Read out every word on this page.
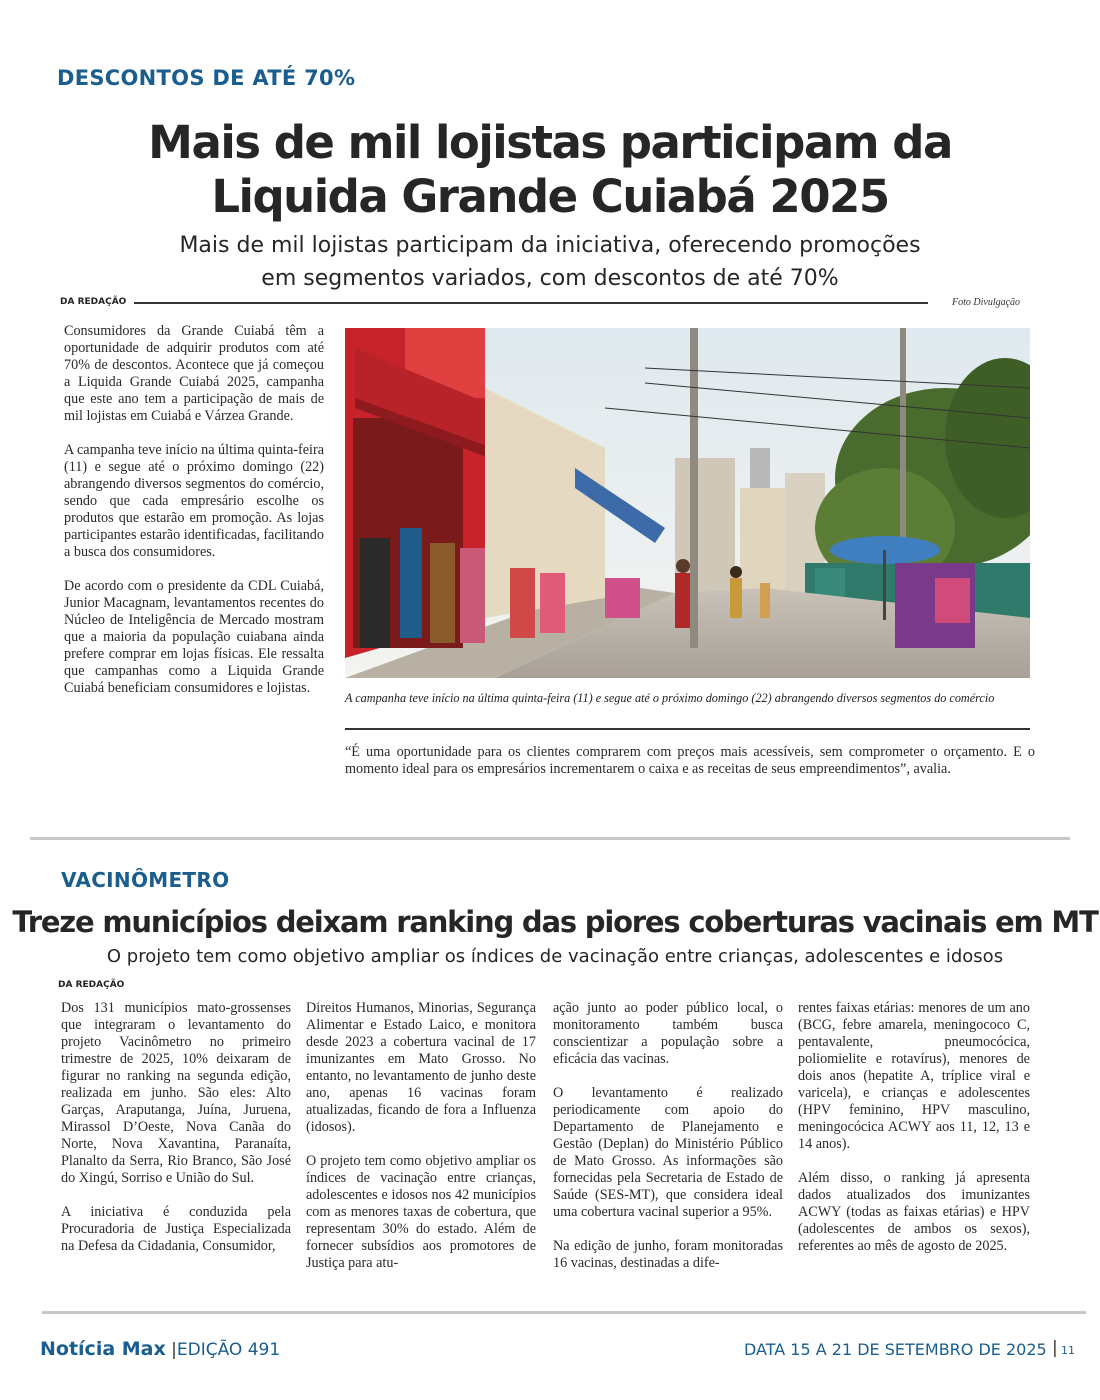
DESCONTOS DE ATÉ 70%
Mais de mil lojistas participam da
Liquida Grande Cuiabá 2025
Mais de mil lojistas participam da iniciativa, oferecendo promoções
em segmentos variados, com descontos de até 70%
DA REDAÇÃO	Foto Divulgação

Consumidores da Grande Cuiabá têm a oportunidade de adquirir produtos com até 70% de descontos. Acontece que já começou a Liquida Grande Cuiabá 2025, campanha que este ano tem a participação de mais de mil lojistas em Cuiabá e Várzea Grande.

A campanha teve início na última quinta-feira (11) e segue até o próximo domingo (22) abrangendo diversos segmentos do comércio, sendo que cada empresário escolhe os produtos que estarão em promoção. As lojas participantes estarão identificadas, facilitando a busca dos consumidores.

De acordo com o presidente da CDL Cuiabá, Junior Macagnam, levantamentos recentes do Núcleo de Inteligência de Mercado mostram que a maioria da população cuiabana ainda prefere comprar em lojas físicas. Ele ressalta que campanhas como a Liquida Grande Cuiabá beneficiam consumidores e lojistas.

A campanha teve início na última quinta-feira (11) e segue até o próximo domingo (22) abrangendo diversos segmentos do comércio
“É uma oportunidade para os clientes comprarem com preços mais acessíveis, sem comprometer o orçamento. E o momento ideal para os empresários incrementarem o caixa e as receitas de seus empreendimentos”, avalia.
VACINÔMETRO
Treze municípios deixam ranking das piores coberturas vacinais em MT
O projeto tem como objetivo ampliar os índices de vacinação entre crianças, adolescentes e idosos
DA REDAÇÃO

Dos 131 municípios mato-grossenses que integraram o levantamento do projeto Vacinômetro no primeiro trimestre de 2025, 10% deixaram de figurar no ranking na segunda edição, realizada em junho. São eles: Alto Garças, Araputanga, Juína, Juruena, Mirassol D’Oeste, Nova Canãa do Norte, Nova Xavantina, Paranaíta, Planalto da Serra, Rio Branco, São José do Xingú, Sorriso e União do Sul.

A iniciativa é conduzida pela Procuradoria de Justiça Especializada na Defesa da Cidadania, Consumidor,

Direitos Humanos, Minorias, Segurança Alimentar e Estado Laico, e monitora desde 2023 a cobertura vacinal de 17 imunizantes em Mato Grosso. No entanto, no levantamento de junho deste ano, apenas 16 vacinas foram atualizadas, ficando de fora a Influenza (idosos).

O projeto tem como objetivo ampliar os índices de vacinação entre crianças, adolescentes e idosos nos 42 municípios com as menores taxas de cobertura, que representam 30% do estado. Além de fornecer subsídios aos promotores de Justiça para atu-

ação junto ao poder público local, o monitoramento também busca conscientizar a população sobre a eficácia das vacinas.

O levantamento é realizado periodicamente com apoio do Departamento de Planejamento e Gestão (Deplan) do Ministério Público de Mato Grosso. As informações são fornecidas pela Secretaria de Estado de Saúde (SES-MT), que considera ideal uma cobertura vacinal superior a 95%.

Na edição de junho, foram monitoradas 16 vacinas, destinadas a dife-

rentes faixas etárias: menores de um ano (BCG, febre amarela, meningococo C, pentavalente, pneumocócica, poliomielite e rotavírus), menores de dois anos (hepatite A, tríplice viral e varicela), e crianças e adolescentes (HPV feminino, HPV masculino, meningocócica ACWY aos 11, 12, 13 e 14 anos).

Além disso, o ranking já apresenta dados atualizados dos imunizantes ACWY (todas as faixas etárias) e HPV (adolescentes de ambos os sexos), referentes ao mês de agosto de 2025.

Notícia Max |EDIÇÃO 491	DATA 15 A 21 DE SETEMBRO DE 2025 | 11
